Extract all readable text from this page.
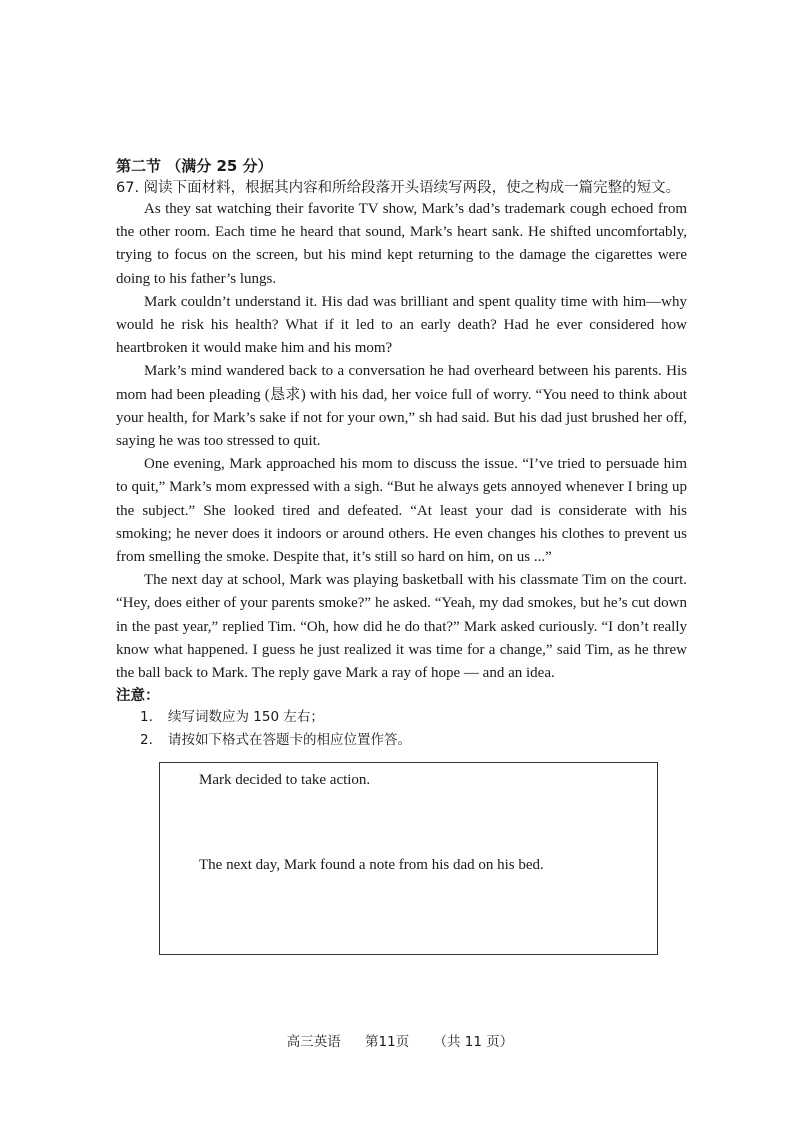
第二节 （满分 25 分）

67. 阅读下面材料，根据其内容和所给段落开头语续写两段，使之构成一篇完整的短文。

As they sat watching their favorite TV show, Mark’s dad’s trademark cough echoed from the other room. Each time he heard that sound, Mark’s heart sank. He shifted uncomfortably, trying to focus on the screen, but his mind kept returning to the damage the cigarettes were doing to his father’s lungs.

Mark couldn’t understand it. His dad was brilliant and spent quality time with him—why would he risk his health? What if it led to an early death? Had he ever considered how heartbroken it would make him and his mom?

Mark’s mind wandered back to a conversation he had overheard between his parents. His mom had been pleading (恳求) with his dad, her voice full of worry. “You need to think about your health, for Mark’s sake if not for your own,” sh had said. But his dad just brushed her off, saying he was too stressed to quit.

One evening, Mark approached his mom to discuss the issue. “I’ve tried to persuade him to quit,” Mark’s mom expressed with a sigh. “But he always gets annoyed whenever I bring up the subject.” She looked tired and defeated. “At least your dad is considerate with his smoking; he never does it indoors or around others. He even changes his clothes to prevent us from smelling the smoke. Despite that, it’s still so hard on him, on us ...”

The next day at school, Mark was playing basketball with his classmate Tim on the court. “Hey, does either of your parents smoke?” he asked. “Yeah, my dad smokes, but he’s cut down in the past year,” replied Tim. “Oh, how did he do that?” Mark asked curiously. “I don’t really know what happened. I guess he just realized it was time for a change,” said Tim, as he threw the ball back to Mark. The reply gave Mark a ray of hope — and an idea.

注意：

1. 续写词数应为 150 左右；
2. 请按如下格式在答题卡的相应位置作答。

Mark decided to take action.

The next day, Mark found a note from his dad on his bed.

高三英语 第11页 （共 11 页）
